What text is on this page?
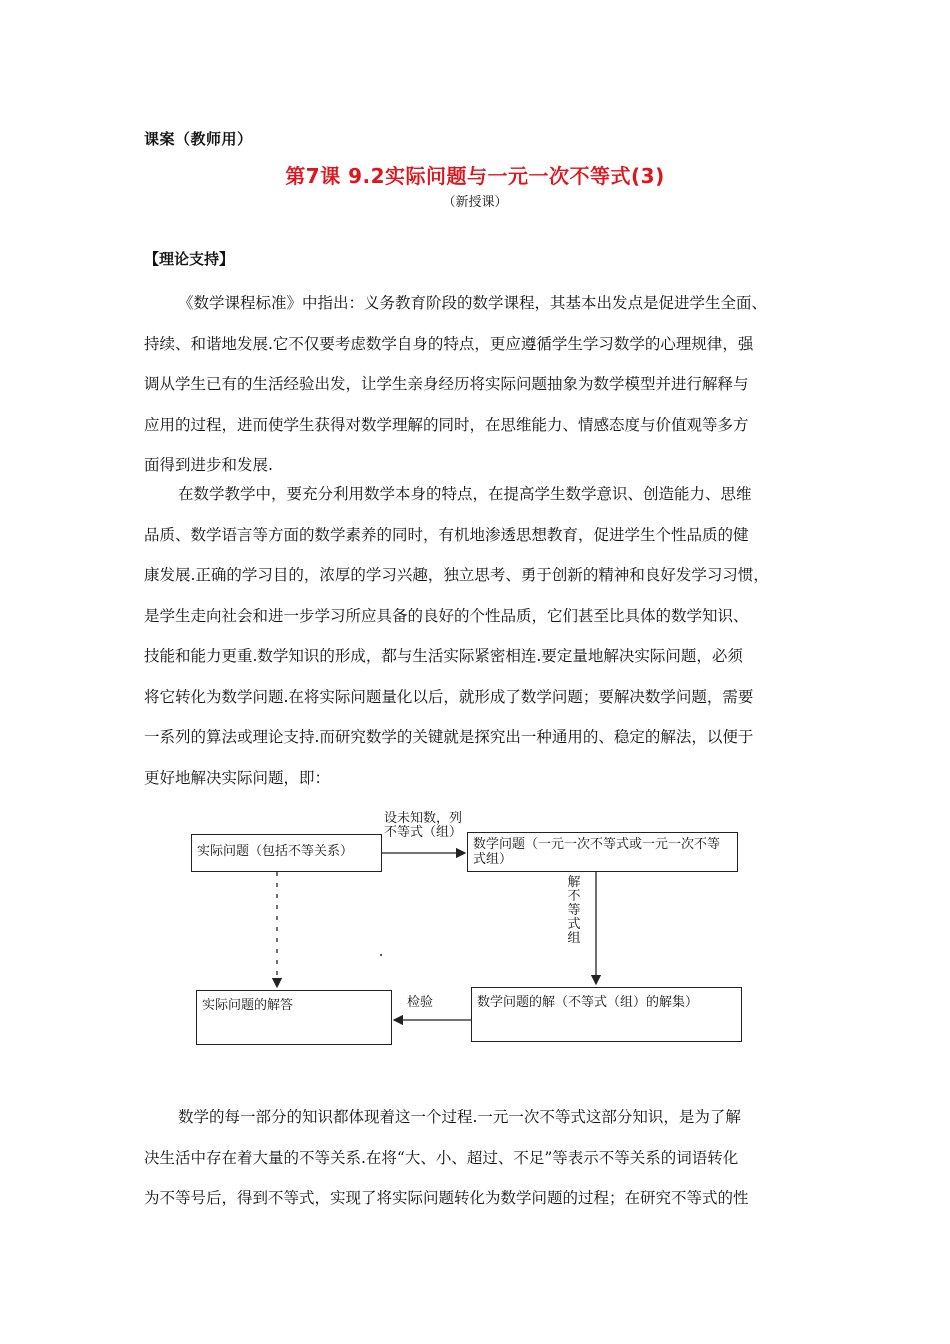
课案（教师用）
第7课 9.2实际问题与一元一次不等式(3)
（新授课）
【理论支持】
《数学课程标准》中指出：义务教育阶段的数学课程，其基本出发点是促进学生全面、
持续、和谐地发展.它不仅要考虑数学自身的特点，更应遵循学生学习数学的心理规律，强
调从学生已有的生活经验出发，让学生亲身经历将实际问题抽象为数学模型并进行解释与
应用的过程，进而使学生获得对数学理解的同时，在思维能力、情感态度与价值观等多方
面得到进步和发展.
在数学教学中，要充分利用数学本身的特点，在提高学生数学意识、创造能力、思维
品质、数学语言等方面的数学素养的同时，有机地渗透思想教育，促进学生个性品质的健
康发展.正确的学习目的，浓厚的学习兴趣，独立思考、勇于创新的精神和良好发学习习惯，
是学生走向社会和进一步学习所应具备的良好的个性品质，它们甚至比具体的数学知识、
技能和能力更重.数学知识的形成，都与生活实际紧密相连.要定量地解决实际问题，必须
将它转化为数学问题.在将实际问题量化以后，就形成了数学问题；要解决数学问题，需要
一系列的算法或理论支持.而研究数学的关键就是探究出一种通用的、稳定的解法，以便于
更好地解决实际问题，即：
实际问题（包括不等关系）	数学问题（一元一次不等式或一元一次不等式组）
数学问题的解（不等式（组）的解集）
实际问题的解答
设未知数，列不等式（组）
解不等式组
检验
数学的每一部分的知识都体现着这一个过程.一元一次不等式这部分知识，是为了解
决生活中存在着大量的不等关系.在将“大、小、超过、不足”等表示不等关系的词语转化
为不等号后，得到不等式，实现了将实际问题转化为数学问题的过程；在研究不等式的性
